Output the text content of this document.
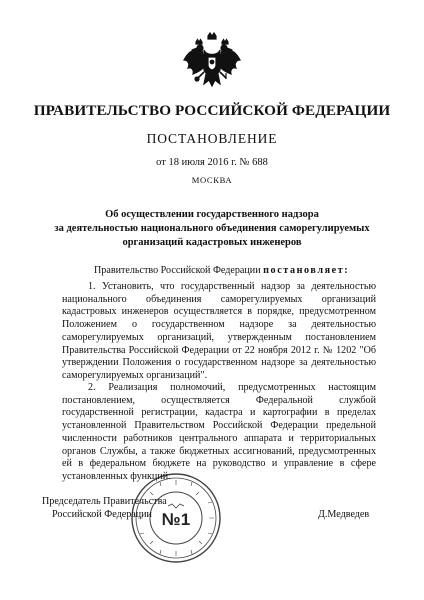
ПРАВИТЕЛЬСТВО РОССИЙСКОЙ ФЕДЕРАЦИИ
ПОСТАНОВЛЕНИЕ
от 18 июля 2016 г. № 688
МОСКВА
Об осуществлении государственного надзора
за деятельностью национального объединения саморегулируемых
организаций кадастровых инженеров
Правительство Российской Федерации постановляет:

1. Установить, что государственный надзор за деятельностью национального объединения саморегулируемых организаций кадастровых инженеров осуществляется в порядке, предусмотренном Положением о государственном надзоре за деятельностью саморегулируемых организаций, утвержденным постановлением Правительства Российской Федерации от 22 ноября 2012 г. № 1202 "Об утверждении Положения о государственном надзоре за деятельностью саморегулируемых организаций".

2. Реализация полномочий, предусмотренных настоящим постановлением, осуществляется Федеральной службой государственной регистрации, кадастра и картографии в пределах установленной Правительством Российской Федерации предельной численности работников центрального аппарата и территориальных органов Службы, а также бюджетных ассигнований, предусмотренных ей в федеральном бюджете на руководство и управление в сфере установленных функций.

Председатель Правительства
Российской Федерации	Д.Медведев
№1
